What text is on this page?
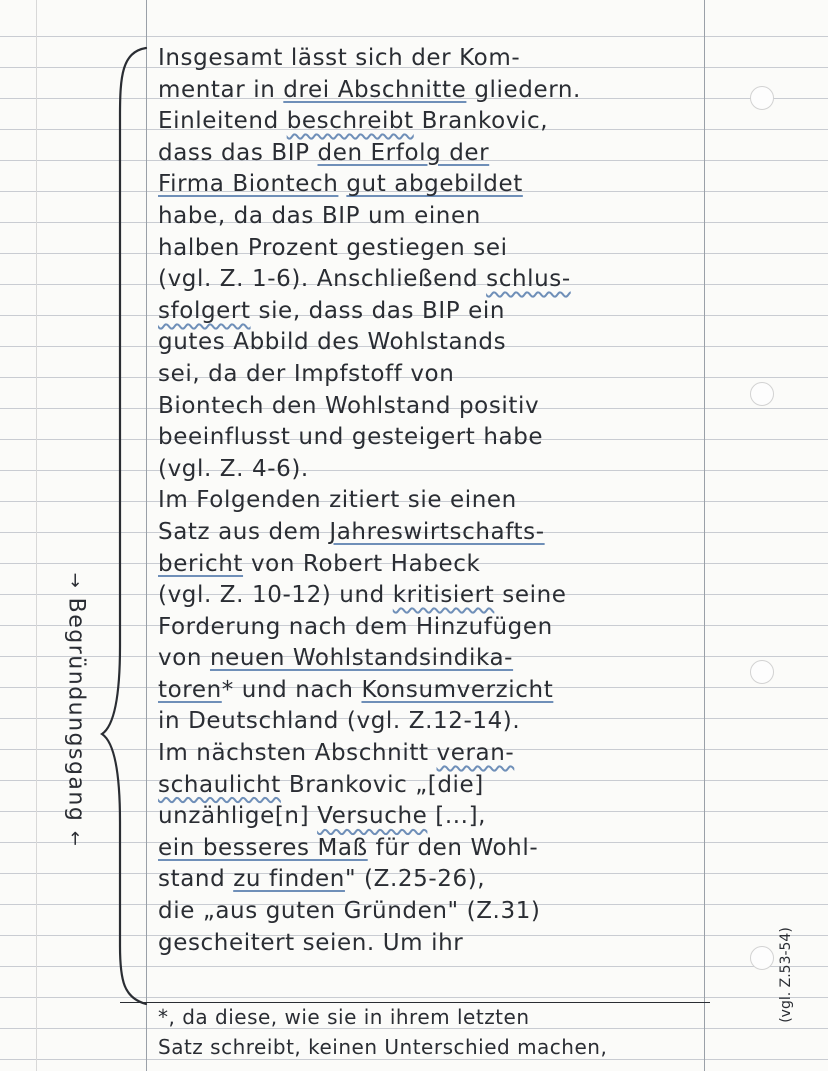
→ Begründungsgang ←
Insgesamt lässt sich der Kom-
mentar in drei Abschnitte gliedern.
Einleitend beschreibt Brankovic,
dass das BIP den Erfolg der
Firma Biontech gut abgebildet
habe, da das BIP um einen
halben Prozent gestiegen sei
(vgl. Z. 1-6). Anschließend schlus-
sfolgert sie, dass das BIP ein
gutes Abbild des Wohlstands
sei, da der Impfstoff von
Biontech den Wohlstand positiv
beeinflusst und gesteigert habe
(vgl. Z. 4-6).
Im Folgenden zitiert sie einen
Satz aus dem Jahreswirtschafts-
bericht von Robert Habeck
(vgl. Z. 10-12) und kritisiert seine
Forderung nach dem Hinzufügen
von neuen Wohlstandsindika-
toren* und nach Konsumverzicht
in Deutschland (vgl. Z.12-14).
Im nächsten Abschnitt veran-
schaulicht Brankovic „[die]
unzählige[n] Versuche [...],
ein besseres Maß für den Wohl-
stand zu finden" (Z.25-26),
die „aus guten Gründen" (Z.31)
gescheitert seien. Um ihr
*, da diese, wie sie in ihrem letzten
Satz schreibt, keinen Unterschied machen,
(vgl. Z.53-54)
